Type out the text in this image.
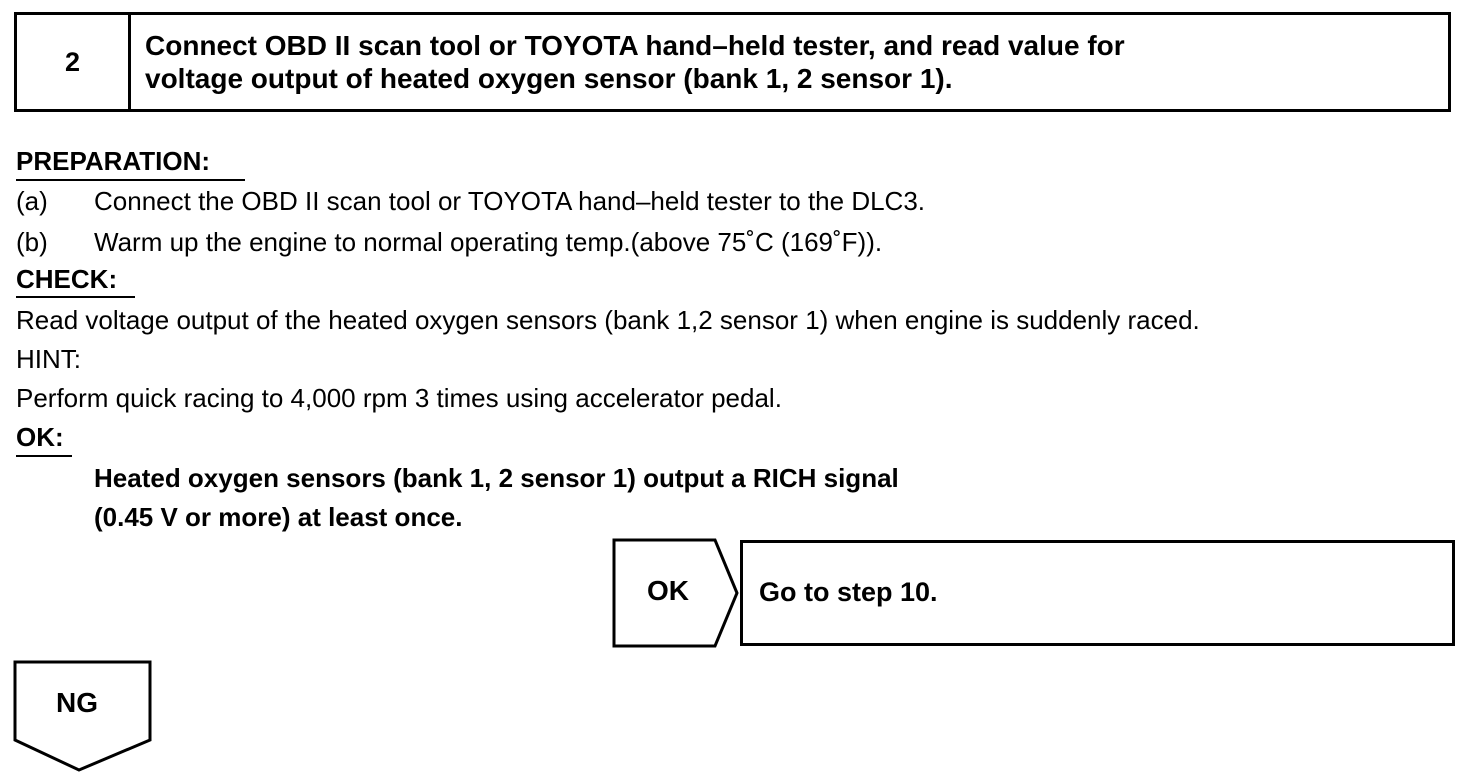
2
Connect OBD II scan tool or TOYOTA hand–held tester, and read value for
voltage output of heated oxygen sensor (bank 1, 2 sensor 1).
PREPARATION:
(a) Connect the OBD II scan tool or TOYOTA hand–held tester to the DLC3.
(b) Warm up the engine to normal operating temp.(above 75˚C (169˚F)).
CHECK:
Read voltage output of the heated oxygen sensors (bank 1,2 sensor 1) when engine is suddenly raced.
HINT:
Perform quick racing to 4,000 rpm 3 times using accelerator pedal.
OK:
Heated oxygen sensors (bank 1, 2 sensor 1) output a RICH signal
(0.45 V or more) at least once.
OK	Go to step 10.
NG
